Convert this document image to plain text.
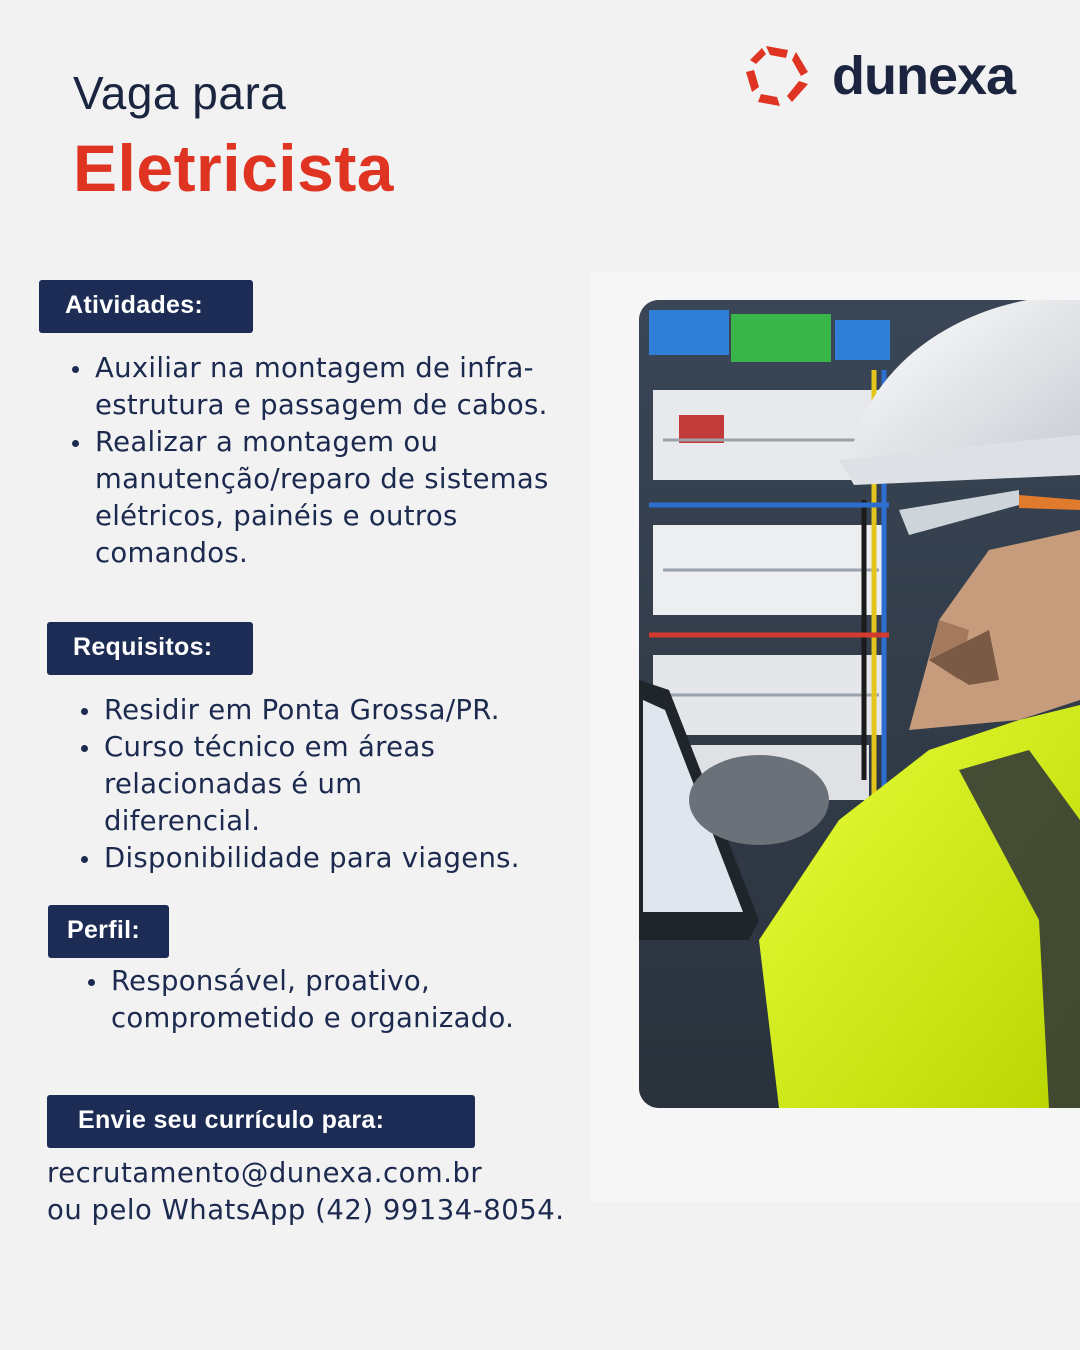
Vaga para
Eletricista
dunexa
Atividades:
Auxiliar na montagem de infra-estrutura e passagem de cabos.
Realizar a montagem ou manutenção/reparo de sistemas elétricos, painéis e outros comandos.
Requisitos:
Residir em Ponta Grossa/PR.
Curso técnico em áreas relacionadas é um diferencial.
Disponibilidade para viagens.
Perfil:
Responsável, proativo, comprometido e organizado.
Envie seu currículo para:
recrutamento@dunexa.com.br
ou pelo WhatsApp (42) 99134-8054.
